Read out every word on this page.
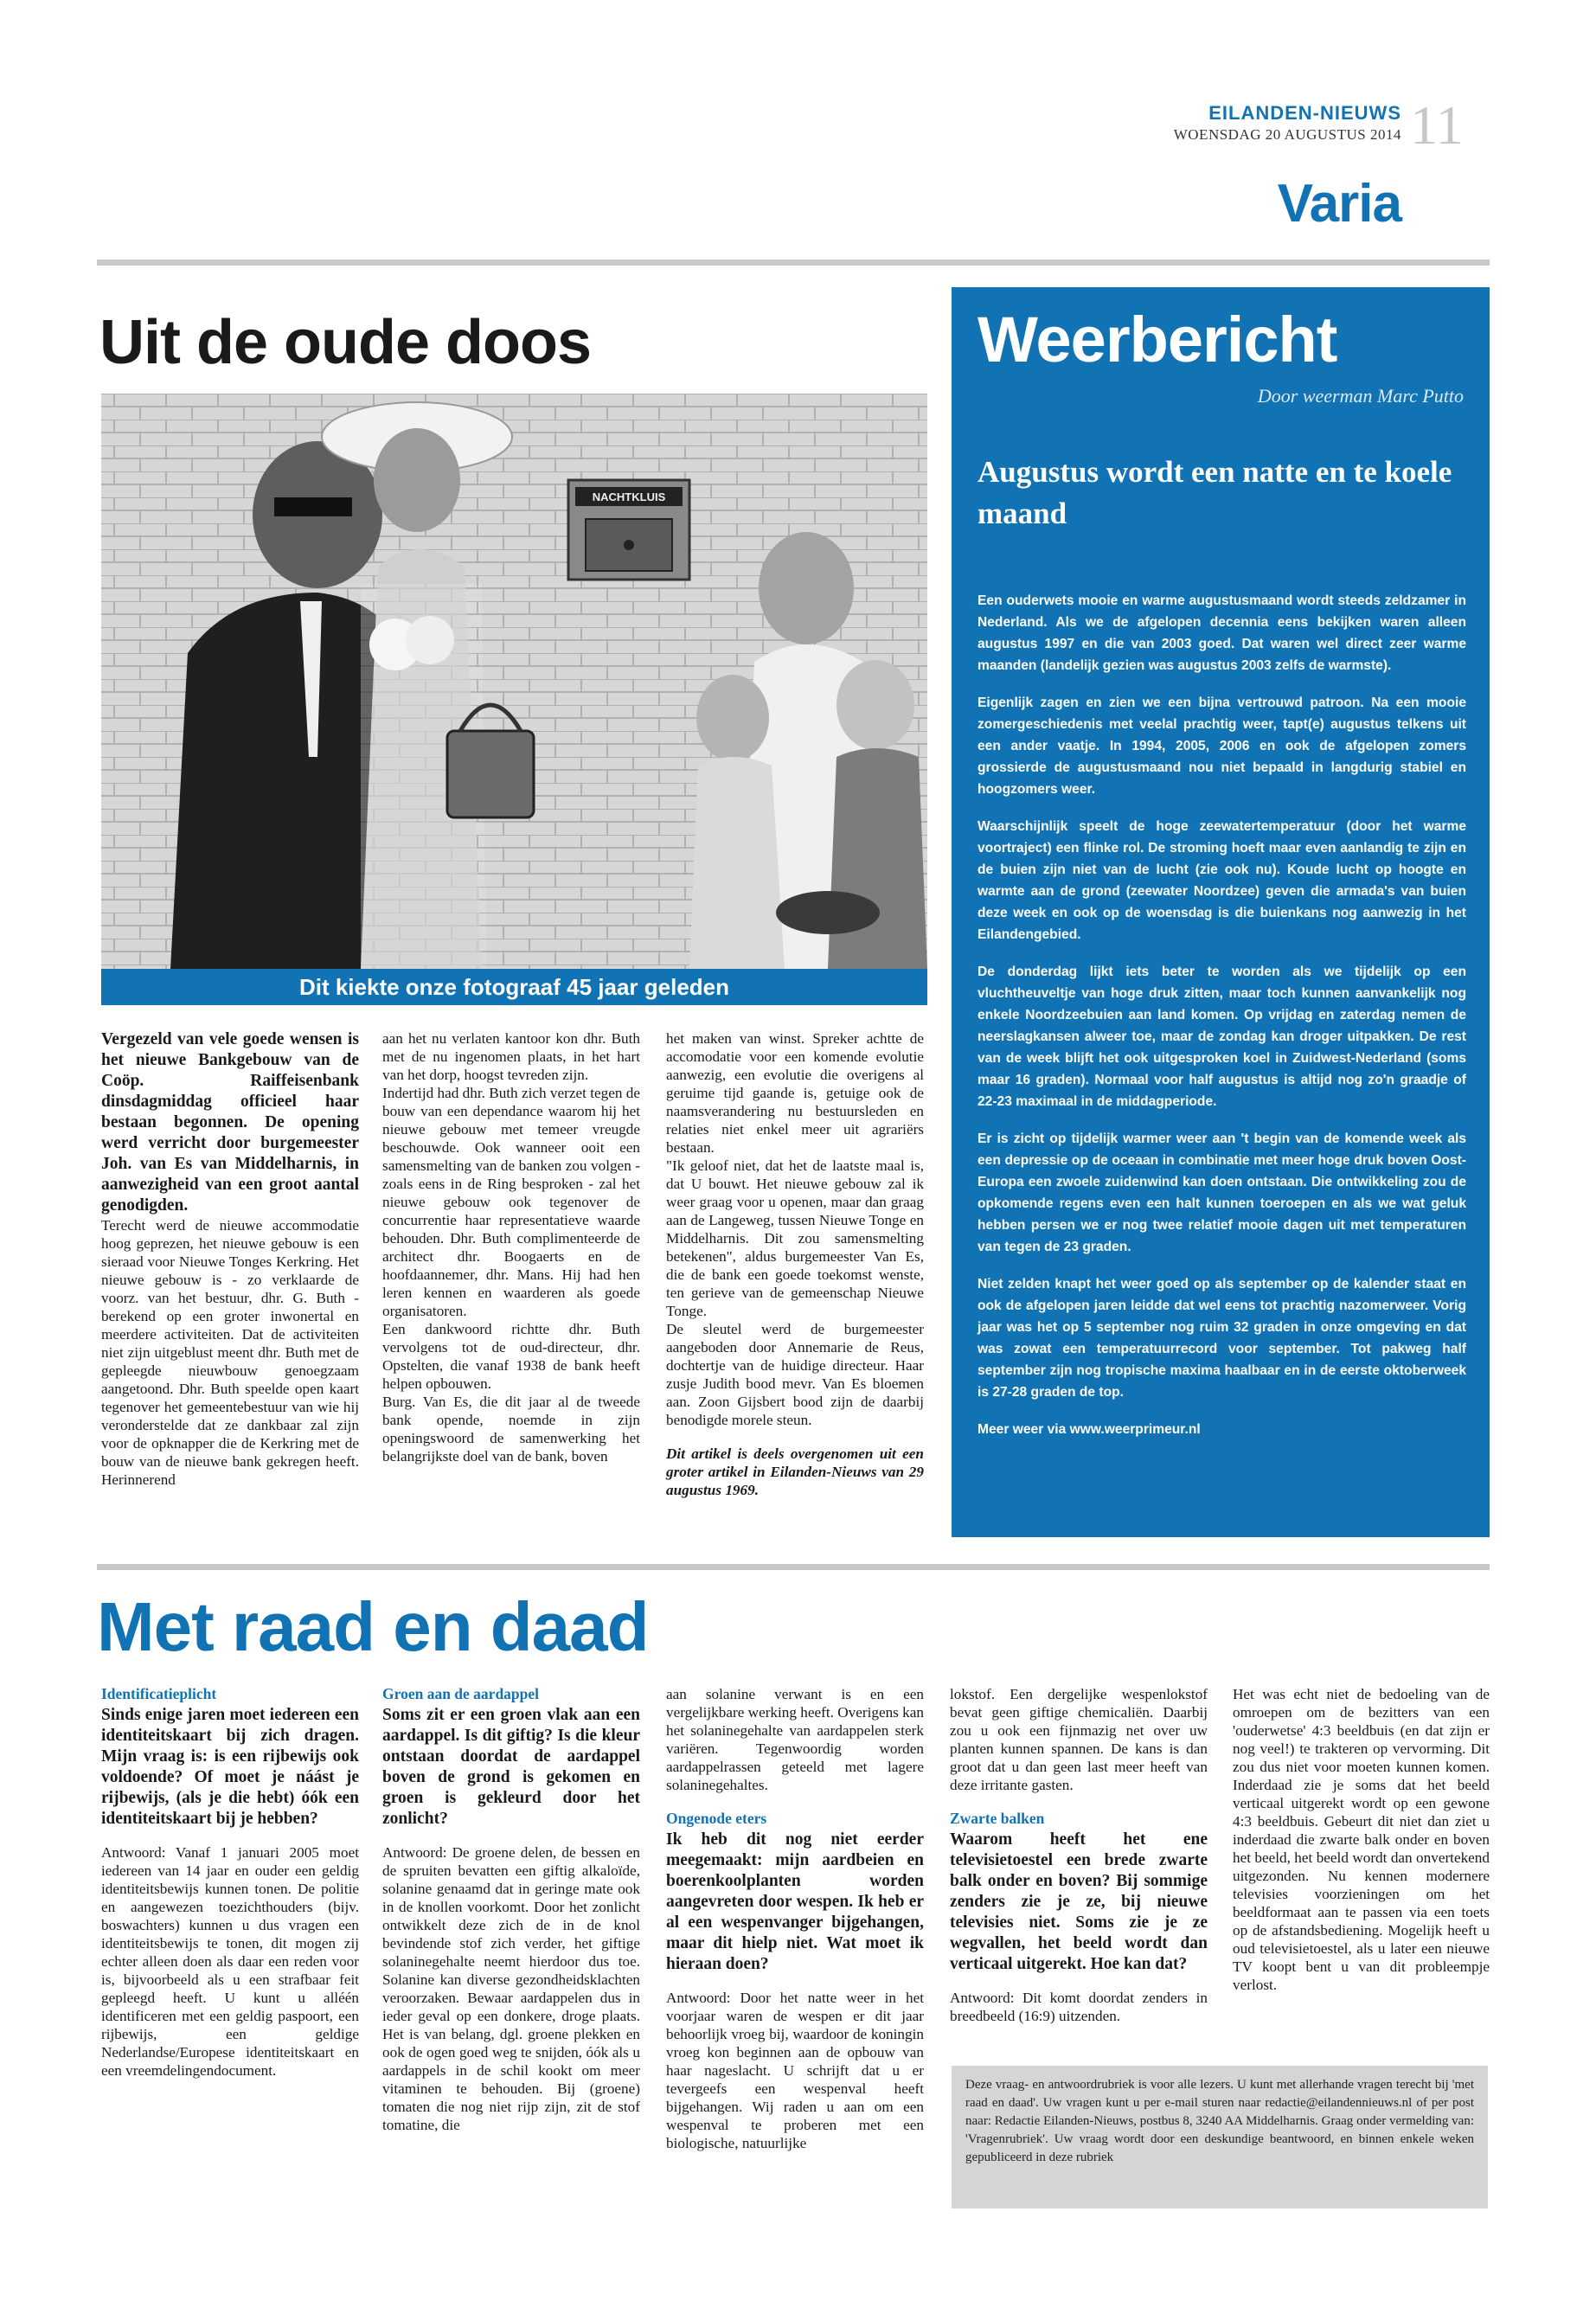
EILANDEN-NIEUWS
WOENSDAG 20 AUGUSTUS 2014 11
Varia
Uit de oude doos
NACHTKLUIS
Dit kiekte onze fotograaf 45 jaar geleden

Vergezeld van vele goede wensen is het nieuwe Bankgebouw van de Coöp. Raiffeisenbank dinsdagmiddag officieel haar bestaan begonnen. De opening werd verricht door burgemeester Joh. van Es van Middelharnis, in aanwezigheid van een groot aantal genodigden.

Terecht werd de nieuwe accommodatie hoog geprezen, het nieuwe gebouw is een sieraad voor Nieuwe Tonges Kerkring. Het nieuwe gebouw is - zo verklaarde de voorz. van het bestuur, dhr. G. Buth - berekend op een groter inwonertal en meerdere activiteiten. Dat de activiteiten niet zijn uitgeblust meent dhr. Buth met de gepleegde nieuwbouw genoegzaam aangetoond. Dhr. Buth speelde open kaart tegenover het gemeentebestuur van wie hij veronderstelde dat ze dankbaar zal zijn voor de opknapper die de Kerkring met de bouw van de nieuwe bank gekregen heeft. Herinnerend

aan het nu verlaten kantoor kon dhr. Buth met de nu ingenomen plaats, in het hart van het dorp, hoogst tevreden zijn.

Indertijd had dhr. Buth zich verzet tegen de bouw van een dependance waarom hij het nieuwe gebouw met temeer vreugde beschouwde. Ook wanneer ooit een samensmelting van de banken zou volgen - zoals eens in de Ring besproken - zal het nieuwe gebouw ook tegenover de concurrentie haar representatieve waarde behouden. Dhr. Buth complimenteerde de architect dhr. Boogaerts en de hoofdaannemer, dhr. Mans. Hij had hen leren kennen en waarderen als goede organisatoren.

Een dankwoord richtte dhr. Buth vervolgens tot de oud-directeur, dhr. Opstelten, die vanaf 1938 de bank heeft helpen opbouwen.

Burg. Van Es, die dit jaar al de tweede bank opende, noemde in zijn openingswoord de samenwerking het belangrijkste doel van de bank, boven

het maken van winst. Spreker achtte de accomodatie voor een komende evolutie aanwezig, een evolutie die overigens al geruime tijd gaande is, getuige ook de naamsverandering nu bestuursleden en relaties niet enkel meer uit agrariërs bestaan.

"Ik geloof niet, dat het de laatste maal is, dat U bouwt. Het nieuwe gebouw zal ik weer graag voor u openen, maar dan graag aan de Langeweg, tussen Nieuwe Tonge en Middelharnis. Dit zou samensmelting betekenen", aldus burgemeester Van Es, die de bank een goede toekomst wenste, ten gerieve van de gemeenschap Nieuwe Tonge.

De sleutel werd de burgemeester aangeboden door Annemarie de Reus, dochtertje van de huidige directeur. Haar zusje Judith bood mevr. Van Es bloemen aan. Zoon Gijsbert bood zijn de daarbij benodigde morele steun.

Dit artikel is deels overgenomen uit een groter artikel in Eilanden-Nieuws van 29 augustus 1969.

Weerbericht
Door weerman Marc Putto
Augustus wordt een natte en te koele maand

Een ouderwets mooie en warme augustusmaand wordt steeds zeldzamer in Nederland. Als we de afgelopen decennia eens bekijken waren alleen augustus 1997 en die van 2003 goed. Dat waren wel direct zeer warme maanden (landelijk gezien was augustus 2003 zelfs de warmste).

Eigenlijk zagen en zien we een bijna vertrouwd patroon. Na een mooie zomergeschiedenis met veelal prachtig weer, tapt(e) augustus telkens uit een ander vaatje. In 1994, 2005, 2006 en ook de afgelopen zomers grossierde de augustusmaand nou niet bepaald in langdurig stabiel en hoogzomers weer.

Waarschijnlijk speelt de hoge zeewatertemperatuur (door het warme voortraject) een flinke rol. De stroming hoeft maar even aanlandig te zijn en de buien zijn niet van de lucht (zie ook nu). Koude lucht op hoogte en warmte aan de grond (zeewater Noordzee) geven die armada's van buien deze week en ook op de woensdag is die buienkans nog aanwezig in het Eilandengebied.

De donderdag lijkt iets beter te worden als we tijdelijk op een vluchtheuveltje van hoge druk zitten, maar toch kunnen aanvankelijk nog enkele Noordzeebuien aan land komen. Op vrijdag en zaterdag nemen de neerslagkansen alweer toe, maar de zondag kan droger uitpakken. De rest van de week blijft het ook uitgesproken koel in Zuidwest-Nederland (soms maar 16 graden). Normaal voor half augustus is altijd nog zo'n graadje of 22-23 maximaal in de middagperiode.

Er is zicht op tijdelijk warmer weer aan 't begin van de komende week als een depressie op de oceaan in combinatie met meer hoge druk boven Oost-Europa een zwoele zuidenwind kan doen ontstaan. Die ontwikkeling zou de opkomende regens even een halt kunnen toeroepen en als we wat geluk hebben persen we er nog twee relatief mooie dagen uit met temperaturen van tegen de 23 graden.

Niet zelden knapt het weer goed op als september op de kalender staat en ook de afgelopen jaren leidde dat wel eens tot prachtig nazomerweer. Vorig jaar was het op 5 september nog ruim 32 graden in onze omgeving en dat was zowat een temperatuurrecord voor september. Tot pakweg half september zijn nog tropische maxima haalbaar en in de eerste oktoberweek is 27-28 graden de top.

Meer weer via www.weerprimeur.nl

Met raad en daad
Identificatieplicht
Sinds enige jaren moet iedereen een identiteitskaart bij zich dragen. Mijn vraag is: is een rijbewijs ook voldoende? Of moet je náást je rijbewijs, (als je die hebt) óók een identiteitskaart bij je hebben?
Antwoord: Vanaf 1 januari 2005 moet iedereen van 14 jaar en ouder een geldig identiteitsbewijs kunnen tonen. De politie en aangewezen toezichthouders (bijv. boswachters) kunnen u dus vragen een identiteitsbewijs te tonen, dit mogen zij echter alleen doen als daar een reden voor is, bijvoorbeeld als u een strafbaar feit gepleegd heeft. U kunt u alléén identificeren met een geldig paspoort, een rijbewijs, een geldige Nederlandse/Europese identiteitskaart en een vreemdelingendocument.
Groen aan de aardappel
Soms zit er een groen vlak aan een aardappel. Is dit giftig? Is die kleur ontstaan doordat de aardappel boven de grond is gekomen en groen is gekleurd door het zonlicht?
Antwoord: De groene delen, de bessen en de spruiten bevatten een giftig alkaloïde, solanine genaamd dat in geringe mate ook in de knollen voorkomt. Door het zonlicht ontwikkelt deze zich de in de knol bevindende stof zich verder, het giftige solaninegehalte neemt hierdoor dus toe. Solanine kan diverse gezondheidsklachten veroorzaken. Bewaar aardappelen dus in ieder geval op een donkere, droge plaats. Het is van belang, dgl. groene plekken en ook de ogen goed weg te snijden, óók als u aardappels in de schil kookt om meer vitaminen te behouden. Bij (groene) tomaten die nog niet rijp zijn, zit de stof tomatine, die
aan solanine verwant is en een vergelijkbare werking heeft. Overigens kan het solaninegehalte van aardappelen sterk variëren. Tegenwoordig worden aardappelrassen geteeld met lagere solaninegehaltes.
Ongenode eters
Ik heb dit nog niet eerder meegemaakt: mijn aardbeien en boerenkoolplanten worden aangevreten door wespen. Ik heb er al een wespenvanger bijgehangen, maar dit hielp niet. Wat moet ik hieraan doen?
Antwoord: Door het natte weer in het voorjaar waren de wespen er dit jaar behoorlijk vroeg bij, waardoor de koningin vroeg kon beginnen aan de opbouw van haar nageslacht. U schrijft dat u er tevergeefs een wespenval heeft bijgehangen. Wij raden u aan om een wespenval te proberen met een biologische, natuurlijke
lokstof. Een dergelijke wespenlokstof bevat geen giftige chemicaliën. Daarbij zou u ook een fijnmazig net over uw planten kunnen spannen. De kans is dan groot dat u dan geen last meer heeft van deze irritante gasten.
Zwarte balken
Waarom heeft het ene televisietoestel een brede zwarte balk onder en boven? Bij sommige zenders zie je ze, bij nieuwe televisies niet. Soms zie je ze wegvallen, het beeld wordt dan verticaal uitgerekt. Hoe kan dat?
Antwoord: Dit komt doordat zenders in breedbeeld (16:9) uitzenden.
Het was echt niet de bedoeling van de omroepen om de bezitters van een 'ouderwetse' 4:3 beeldbuis (en dat zijn er nog veel!) te trakteren op vervorming. Dit zou dus niet voor moeten kunnen komen. Inderdaad zie je soms dat het beeld verticaal uitgerekt wordt op een gewone 4:3 beeldbuis. Gebeurt dit niet dan ziet u inderdaad die zwarte balk onder en boven het beeld, het beeld wordt dan onvertekend uitgezonden. Nu kennen modernere televisies voorzieningen om het beeldformaat aan te passen via een toets op de afstandsbediening. Mogelijk heeft u oud televisietoestel, als u later een nieuwe TV koopt bent u van dit probleempje verlost.
Deze vraag- en antwoordrubriek is voor alle lezers. U kunt met allerhande vragen terecht bij 'met raad en daad'. Uw vragen kunt u per e-mail sturen naar redactie@eilandennieuws.nl of per post naar: Redactie Eilanden-Nieuws, postbus 8, 3240 AA Middelharnis. Graag onder vermelding van: 'Vragenrubriek'. Uw vraag wordt door een deskundige beantwoord, en binnen enkele weken gepubliceerd in deze rubriek
